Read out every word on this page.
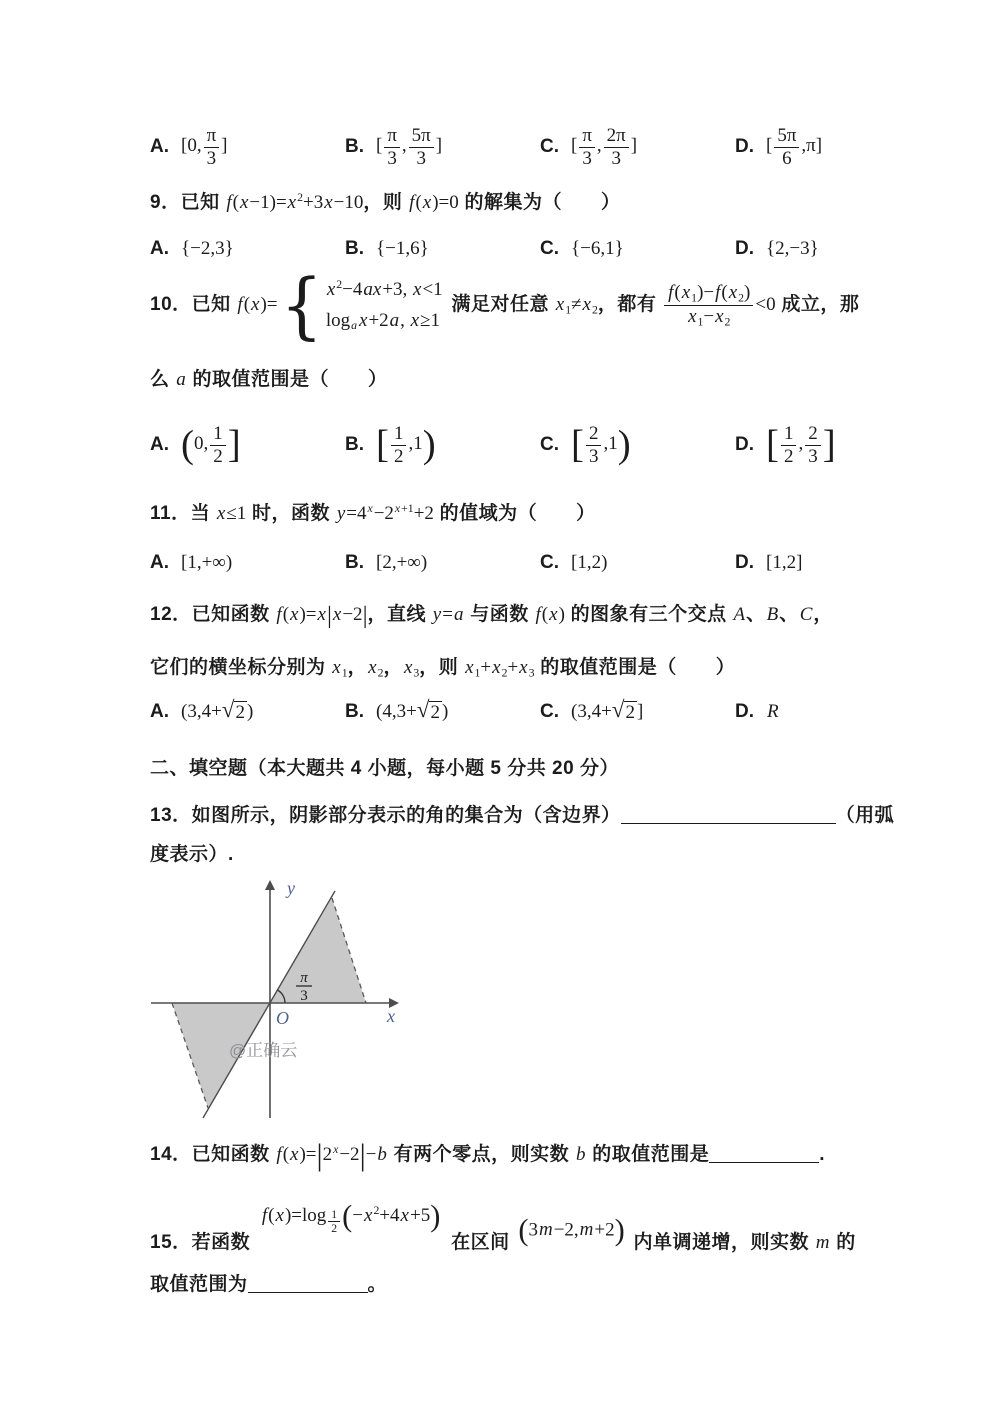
A. [0, $\frac{\pi}{3}$ ]	B. [ $\frac{\pi}{3}$ , $\frac{5\pi}{3}$ ]	C. [ $\frac{\pi}{3}$ , $\frac{2\pi}{3}$ ]	D. [ $\frac{5\pi}{6} ,\pi$]
9．已知 $f(x-1)=x^2+3x-10$，则 f(x)=0 的解集为（　　）
A. {−2,3}	B. {−1,6}	C. {−6,1}	D. {2,−3}
10．已知 f(x)= { $x^2-4ax+3$, x<1
loga x+2a, x≥1
满足对任意 x1≠x2，都有 $\frac{f(x1)-f(x2)}{x1-x2} <0$ 成立，那
么 a 的取值范围是（　　）
A. (0, $\frac{1}{2}$ ]	B. [ $\frac{1}{2} ,1$)	C. [ $\frac{2}{3} ,1$)	D. [ $\frac{1}{2}$ , $\frac{2}{3}$ ]
11．当 x≤1 时，函数 $y=4^x-2^{x+1}+2$ 的值域为（　　）
A. [1,+∞)	B. [2,+∞)	C. [1,2)	D. [1,2]
12．已知函数 f(x)=x|x−2|，直线 y=a 与函数 f(x) 的图象有三个交点 A、B、C，
它们的横坐标分别为 x1，x2，x3，则 x1+x2+x3 的取值范围是（　　）
A. (3,4+ √ 2 )	B. (4,3+ √ 2 )	C. (3,4+ √ 2 ]	D. R
二、填空题（本大题共 4 小题，每小题 5 分共 20 分）
13．如图所示，阴影部分表示的角的集合为（含边界）	（用弧
度表示）.
π
3
y
x
O
@正确云
14．已知函数 $f(x)=|2^x-2|-b$ 有两个零点，则实数 b 的取值范围是	.
15．若函数 $f(x)=\log \frac{1}{2} (-x^2+4x+5)$ 在区间 (3m−2,m+2) 内单调递增，则实数 m 的
取值范围为	。
